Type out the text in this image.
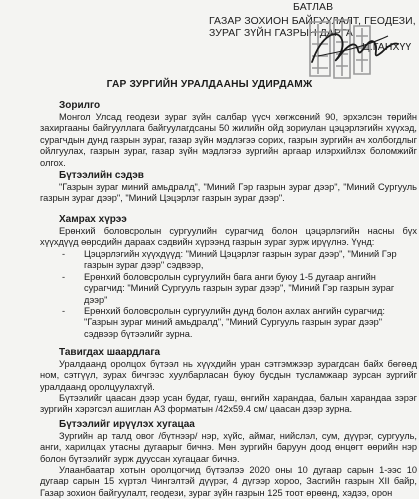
БАТЛАВ
ГАЗАР ЗОХИОН БАЙГУУЛАЛТ, ГЕОДЕЗИ,
ЗУРАГ ЗҮЙН ГАЗРЫН ДАРГА
Ц.ГАНХҮҮ
ГАР ЗУРГИЙН УРАЛДААНЫ УДИРДАМЖ
Зорилго

Монгол Улсад геодези зураг зүйн салбар үүсч хөгжсөний 90, эрхэлсэн төрийн захиргааны байгууллага байгуулагдсаны 50 жилийн ойд зориулан цэцэрлэгийн хүүхэд, сурагчдын дунд газрын зураг, газар зүйн мэдлэгээ сорих, газрын зургийн ач холбогдлыг ойлгуулах, газрын зураг, газар зүйн мэдлэгээ зургийн аргаар илэрхийлэх боломжийг олгох.

Бүтээлийн сэдэв

"Газрын зураг миний амьдралд", "Миний Гэр газрын зураг дээр", "Миний Сургууль газрын зураг дээр", "Миний Цэцэрлэг газрын зураг дээр".

Хамрах хүрээ

Ерөнхий боловсролын сургуулийн сурагчид болон цэцэрлэгийн насны бүх хүүхдүүд өөрсдийн дараах сэдвийн хүрээнд газрын зураг зурж ирүүлнэ. Үүнд:

- Цэцэрлэгийн хүүхдүүд: "Миний Цэцэрлэг газрын зураг дээр", "Миний Гэр газрын зураг дээр" сэдвээр,
- Ерөнхий боловсролын сургуулийн бага анги буюу 1-5 дугаар ангийн сурагчид: "Миний Сургууль газрын зураг дээр", "Миний Гэр газрын зураг дээр"
- Ерөнхий боловсролын сургуулийн дунд болон ахлах ангийн сурагчид: "Газрын зураг миний амьдралд", "Миний Сургууль газрын зураг дээр" сэдвээр бүтээлийг зурна.
Тавигдах шаардлага

Уралдаанд оролцох бүтээл нь хүүхдийн уран сэтгэмжээр зурагдсан байх бөгөөд ном, сэтгүүл, зурах бичгээс хуулбарласан буюу бусдын тусламжаар зурсан зургийг уралдаанд оролцуулахгүй.

Бүтээлийг цаасан дээр усан будаг, гуаш, өнгийн харандаа, балын харандаа зэрэг зургийн хэрэгсэл ашиглан А3 форматын /42х59.4 см/ цаасан дээр зурна.

Бүтээлийг ирүүлэх хугацаа

Зургийн ар талд овог /бүтнээр/ нэр, хүйс, аймаг, нийслэл, сум, дүүрэг, сургууль, анги, харилцах утасны дугаарыг бичнэ. Мөн зургийн баруун доод өнцөгт өөрийн нэр болон бүтээлийг зурж дууссан хугацааг бичнэ.

Улаанбаатар хотын оролцогчид бүтээлээ 2020 оны 10 дугаар сарын 1-ээс 10 дугаар сарын 15 хүртэл Чингэлтэй дүүрэг, 4 дүгээр хороо, Засгийн газрын XII байр, Газар зохион байгуулалт, геодези, зураг зүйн газрын 125 тоот өрөөнд, хэдээ, орон
